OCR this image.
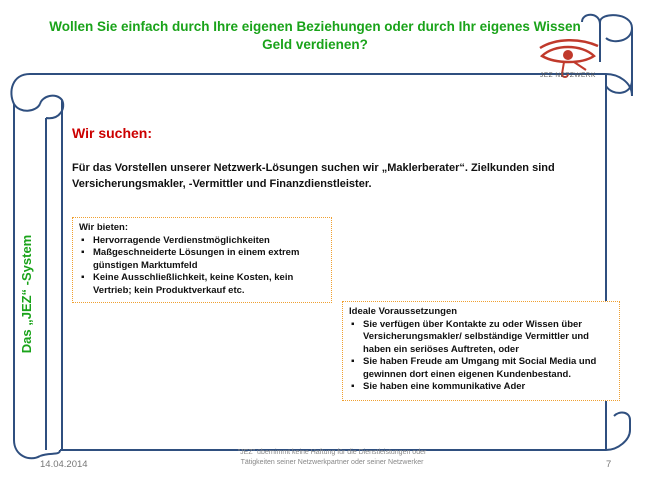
Wollen Sie einfach durch Ihre eigenen Beziehungen oder durch Ihr eigenes Wissen
Geld verdienen?
JEZ NETZWERK
Das „JEZ“ -System
Wir suchen:
Für das Vorstellen unserer Netzwerk-Lösungen suchen wir „Maklerberater“. Zielkunden sind Versicherungsmakler, -Vermittler und Finanzdienstleister.
Wir bieten:
▪ Hervorragende Verdienstmöglichkeiten
▪ Maßgeschneiderte Lösungen in einem extrem günstigen Marktumfeld
▪ Keine Ausschließlichkeit, keine Kosten, kein Vertrieb; kein Produktverkauf etc.
Ideale Voraussetzungen
▪ Sie verfügen über Kontakte zu oder Wissen über Versicherungsmakler/ selbständige Vermittler und haben ein seriöses Auftreten, oder
▪ Sie haben Freude am Umgang mit Social Media und gewinnen dort einen eigenen Kundenbestand.
▪ Sie haben eine kommunikative Ader
14.04.2014
"JEZ" übernimmt keine Haftung für die Dienstleistungen oder Tätigkeiten seiner Netzwerkpartner oder seiner Netzwerker	7
